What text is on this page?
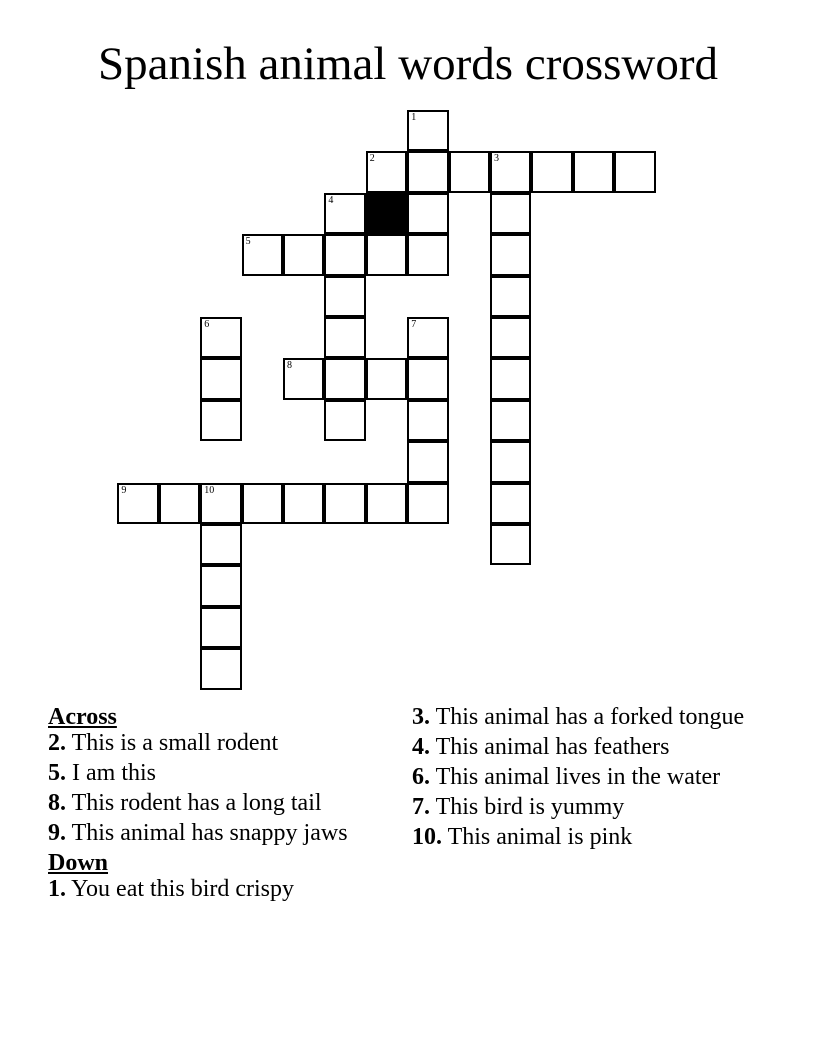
Spanish animal words crossword
1
2	3
4
5
6	7
8
9	10
Across
2. This is a small rodent
5. I am this
8. This rodent has a long tail
9. This animal has snappy jaws
Down
1. You eat this bird crispy
3. This animal has a forked tongue
4. This animal has feathers
6. This animal lives in the water
7. This bird is yummy
10. This animal is pink
